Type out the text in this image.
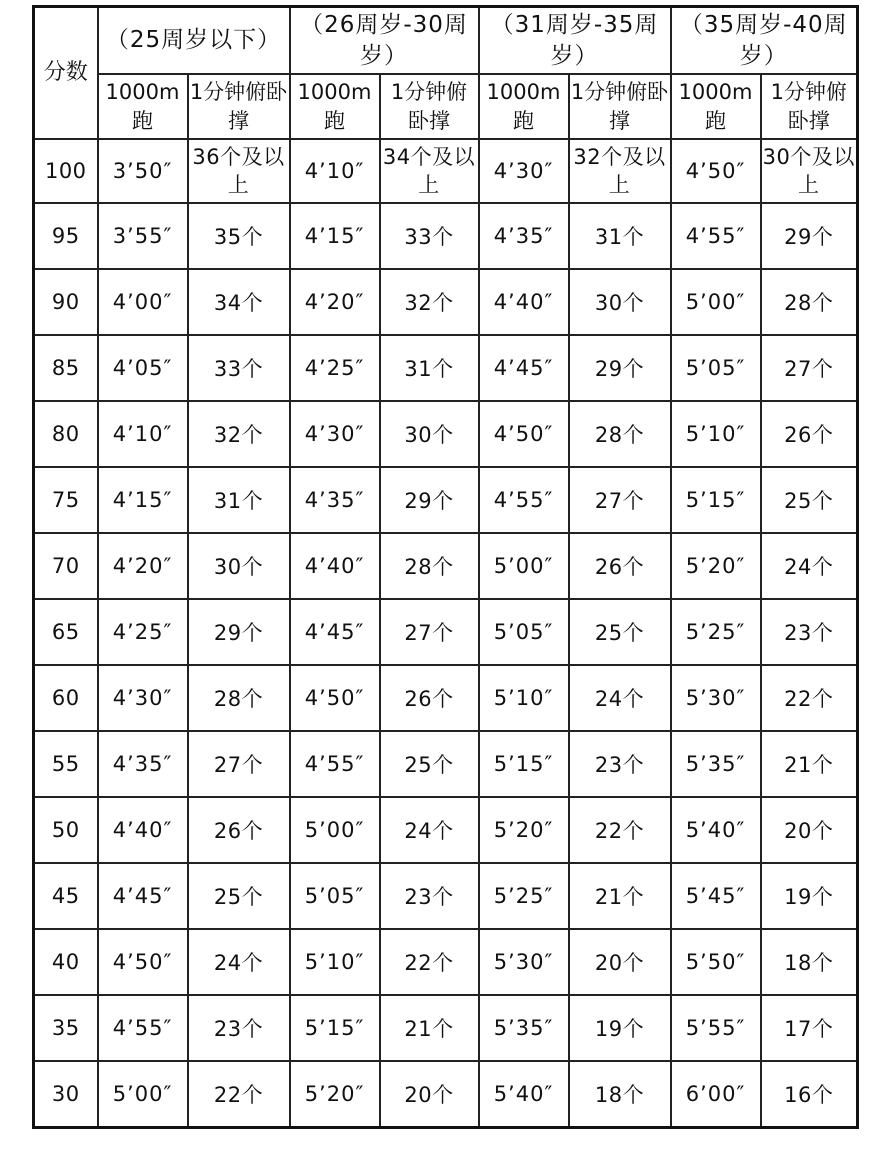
分数	（25周岁以下）		（26周岁-30周岁）		（31周岁-35周岁）		（35周岁-40周岁）	

	1000m跑	1分钟俯卧撑	1000m跑	1分钟俯卧撑	1000m跑	1分钟俯卧撑	1000m跑	1分钟俯卧撑

100	3’50″	36个及以上	4’10″	34个及以上	4’30″	32个及以上	4’50″	30个及以上
95	3’55″	35个	4’15″	33个	4’35″	31个	4’55″	29个
90	4’00″	34个	4’20″	32个	4’40″	30个	5’00″	28个
85	4’05″	33个	4’25″	31个	4’45″	29个	5’05″	27个
80	4’10″	32个	4’30″	30个	4’50″	28个	5’10″	26个
75	4’15″	31个	4’35″	29个	4’55″	27个	5’15″	25个
70	4’20″	30个	4’40″	28个	5’00″	26个	5’20″	24个
65	4’25″	29个	4’45″	27个	5’05″	25个	5’25″	23个
60	4’30″	28个	4’50″	26个	5’10″	24个	5’30″	22个
55	4’35″	27个	4’55″	25个	5’15″	23个	5’35″	21个
50	4’40″	26个	5’00″	24个	5’20″	22个	5’40″	20个
45	4’45″	25个	5’05″	23个	5’25″	21个	5’45″	19个
40	4’50″	24个	5’10″	22个	5’30″	20个	5’50″	18个
35	4’55″	23个	5’15″	21个	5’35″	19个	5’55″	17个
30	5’00″	22个	5’20″	20个	5’40″	18个	6’00″	16个
